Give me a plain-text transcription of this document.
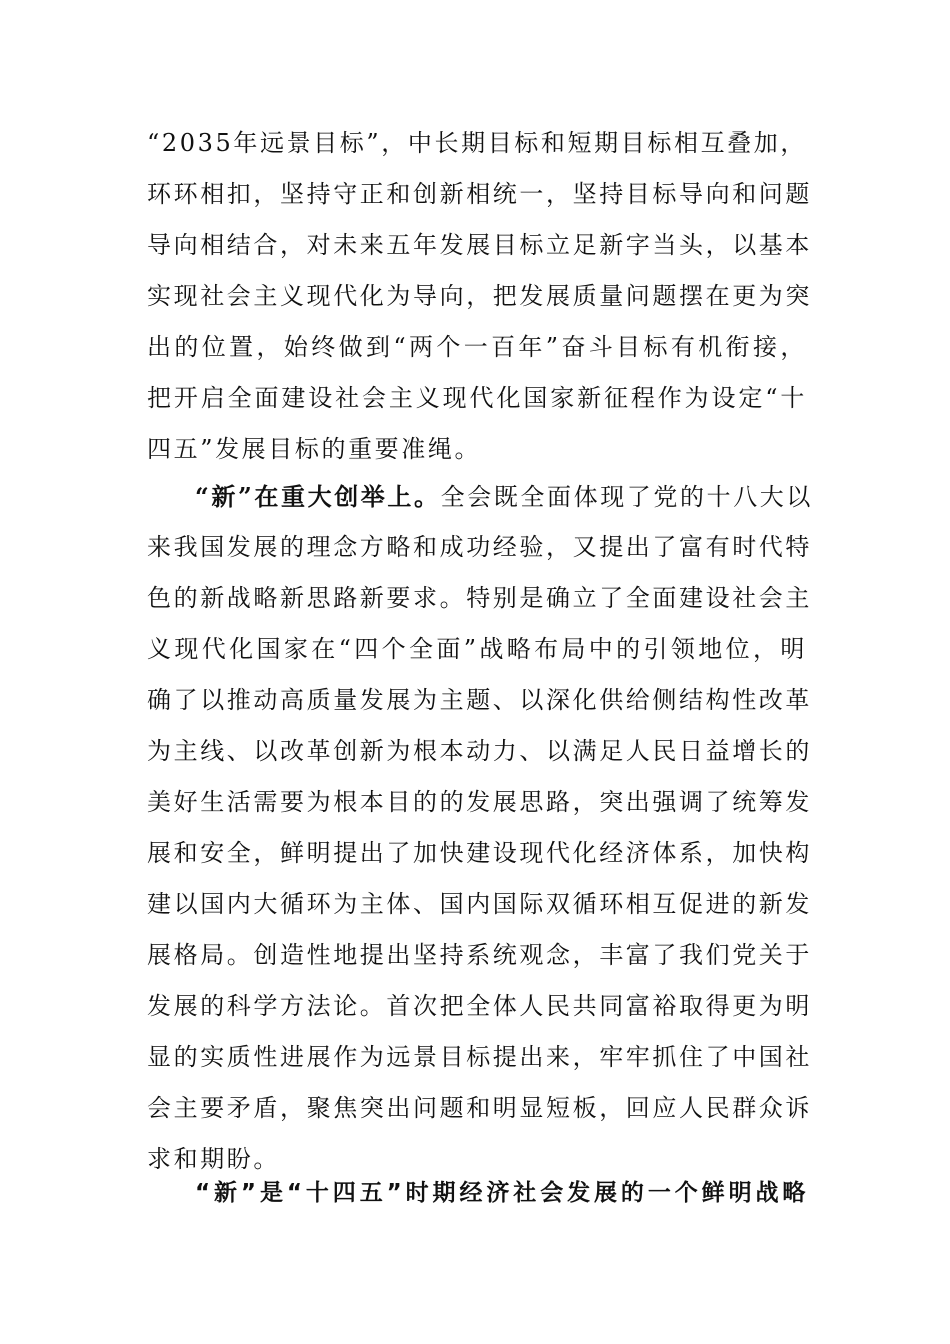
“2035年远景目标”，中长期目标和短期目标相互叠加，
环环相扣，坚持守正和创新相统一，坚持目标导向和问题
导向相结合，对未来五年发展目标立足新字当头，以基本
实现社会主义现代化为导向，把发展质量问题摆在更为突
出的位置，始终做到“两个一百年”奋斗目标有机衔接，
把开启全面建设社会主义现代化国家新征程作为设定“十
四五”发展目标的重要准绳。
“新”在重大创举上。全会既全面体现了党的十八大以
来我国发展的理念方略和成功经验，又提出了富有时代特
色的新战略新思路新要求。特别是确立了全面建设社会主
义现代化国家在“四个全面”战略布局中的引领地位，明
确了以推动高质量发展为主题、以深化供给侧结构性改革
为主线、以改革创新为根本动力、以满足人民日益增长的
美好生活需要为根本目的的发展思路，突出强调了统筹发
展和安全，鲜明提出了加快建设现代化经济体系，加快构
建以国内大循环为主体、国内国际双循环相互促进的新发
展格局。创造性地提出坚持系统观念，丰富了我们党关于
发展的科学方法论。首次把全体人民共同富裕取得更为明
显的实质性进展作为远景目标提出来，牢牢抓住了中国社
会主要矛盾，聚焦突出问题和明显短板，回应人民群众诉
求和期盼。
“新”是“十四五”时期经济社会发展的一个鲜明战略
